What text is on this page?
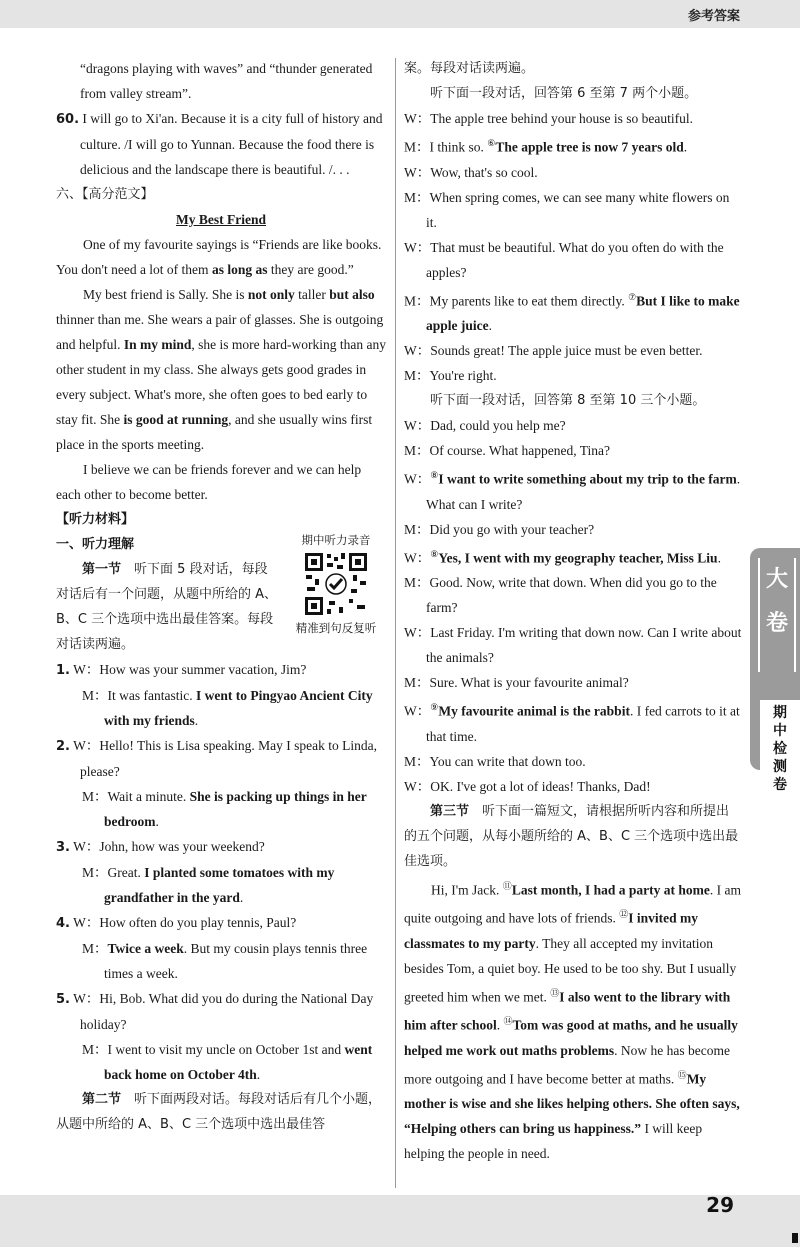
参考答案

“dragons playing with waves” and “thunder generated from valley stream”.

60. I will go to Xi'an. Because it is a city full of history and culture. /I will go to Yunnan. Because the food there is delicious and the landscape there is beautiful. /. . .

六、【高分范文】

My Best Friend

One of my favourite sayings is “Friends are like books. You don't need a lot of them as long as they are good.”

My best friend is Sally. She is not only taller but also thinner than me. She wears a pair of glasses. She is outgoing and helpful. In my mind, she is more hard-working than any other student in my class. She always gets good grades in every subject. What's more, she often goes to bed early to stay fit. She is good at running, and she usually wins first place in the sports meeting.

I believe we can be friends forever and we can help each other to become better.

【听力材料】

期中听力录音
精准到句反复听

一、听力理解

第一节　 听下面 5 段对话，每段对话后有一个问题，从题中所给的 A、B、C 三个选项中选出最佳答案。每段对话读两遍。

1. W：How was your summer vacation, Jim?

M：It was fantastic. I went to Pingyao Ancient City with my friends.

2. W：Hello! This is Lisa speaking. May I speak to Linda, please?

M：Wait a minute. She is packing up things in her bedroom.

3. W：John, how was your weekend?

M：Great. I planted some tomatoes with my grandfather in the yard.

4. W：How often do you play tennis, Paul?

M：Twice a week. But my cousin plays tennis three times a week.

5. W：Hi, Bob. What did you do during the National Day holiday?

M：I went to visit my uncle on October 1st and went back home on October 4th.

第二节　 听下面两段对话。每段对话后有几个小题，从题中所给的 A、B、C 三个选项中选出最佳答

案。每段对话读两遍。

听下面一段对话，回答第 6 至第 7 两个小题。

W：The apple tree behind your house is so beautiful.

M：I think so. ⑥The apple tree is now 7 years old.

W：Wow, that's so cool.

M：When spring comes, we can see many white flowers on it.

W：That must be beautiful. What do you often do with the apples?

M：My parents like to eat them directly. ⑦But I like to make apple juice.

W：Sounds great! The apple juice must be even better.

M：You're right.

听下面一段对话，回答第 8 至第 10 三个小题。

W：Dad, could you help me?

M：Of course. What happened, Tina?

W：⑧I want to write something about my trip to the farm. What can I write?

M：Did you go with your teacher?

W：⑧Yes, I went with my geography teacher, Miss Liu.

M：Good. Now, write that down. When did you go to the farm?

W：Last Friday. I'm writing that down now. Can I write about the animals?

M：Sure. What is your favourite animal?

W：⑨My favourite animal is the rabbit. I fed carrots to it at that time.

M：You can write that down too.

W：OK. I've got a lot of ideas! Thanks, Dad!

第三节　 听下面一篇短文，请根据所听内容和所提出的五个问题，从每小题所给的 A、B、C 三个选项中选出最佳选项。

Hi, I'm Jack. ⑪Last month, I had a party at home. I am quite outgoing and have lots of friends. ⑫I invited my classmates to my party. They all accepted my invitation besides Tom, a quiet boy. He used to be too shy. But I usually greeted him when we met. ⑬I also went to the library with him after school. ⑭Tom was good at maths, and he usually helped me work out maths problems. Now he has become more outgoing and I have become better at maths. ⑮My mother is wise and she likes helping others. She often says, “Helping others can bring us happiness.” I will keep helping the people in need.

大
卷
期
中
检
测
卷
29
